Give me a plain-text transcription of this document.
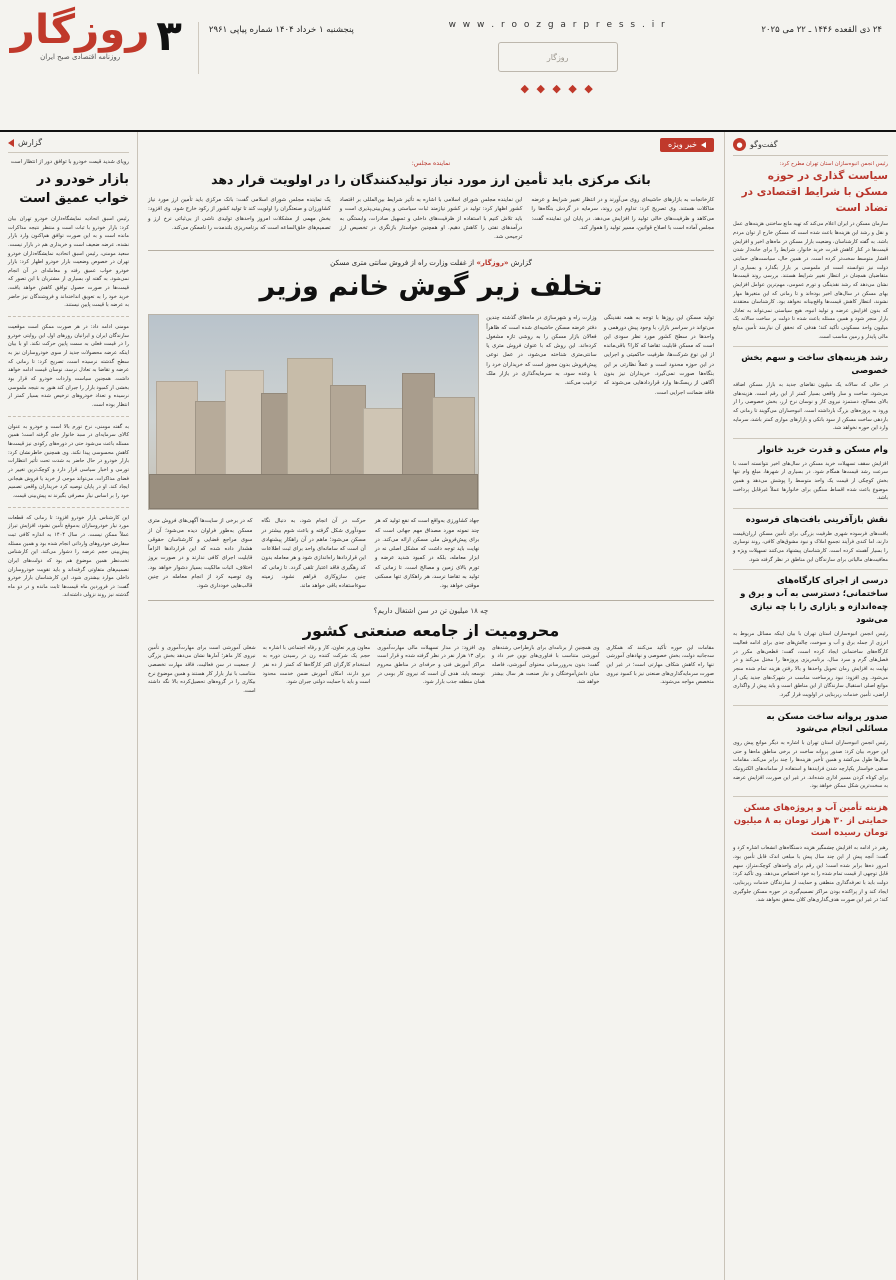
روزگار
روزنامه اقتصادی صبح ایران ۳	پنجشنبه ۱ خرداد ۱۴۰۴ شماره پیاپی ۲۹۶۱	w w w . r o o z g a r p r e s s . i r
روزگار
◆ ◆ ◆ ◆ ◆
۲۴ ذی القعده ۱۴۴۶ ـ ۲۲ می ۲۰۲۵
● گفت‌وگو
رئیس انجمن انبوه‌سازان استان تهران مطرح کرد:
سیاست گذاری در حوزه مسکن با شرایط اقتصادی در تضاد است
سازمان مسکن در ایران اعلام می‌کند که تهیه مانع ساختنی هزینه‌های عمل و نقل و رشد این هزینه‌ها باعث شده است که مسکن خارج از توان مردم باشد. به گفته کارشناسان، وضعیت بازار مسکن در ماه‌های اخیر و افزایش قیمت‌ها در کنار کاهش قدرت خرید خانوار، شرایط را برای خانه‌دار شدن اقشار متوسط سخت‌تر کرده است. در همین حال، سیاست‌های حمایتی دولت نیز نتوانسته است اثر ملموسی بر بازار بگذارد و بسیاری از متقاضیان همچنان در انتظار تغییر شرایط هستند. بررسی روند قیمت‌ها نشان می‌دهد که رشد نقدینگی و تورم عمومی، مهم‌ترین عوامل افزایش بهای مسکن در سال‌های اخیر بوده‌اند و تا زمانی که این متغیرها مهار نشوند، انتظار کاهش قیمت‌ها واقع‌بینانه نخواهد بود. کارشناسان معتقدند که بدون افزایش عرضه و تولید انبوه، هیچ سیاستی نمی‌تواند به تعادل بازار منجر شود و همین مسئله باعث شده تا دولت بر ساخت سالانه یک میلیون واحد مسکونی تأکید کند؛ هدفی که تحقق آن نیازمند تأمین منابع مالی پایدار و زمین مناسب است.
رشد هزینه‌های ساخت و سهم بخش خصوصی
در حالی که سالانه یک میلیون تقاضای جدید به بازار مسکن اضافه می‌شود، ساخت و ساز واقعی بسیار کمتر از این رقم است. هزینه‌های بالای مصالح، دستمزد نیروی کار و نوسان نرخ ارز، بخش خصوصی را از ورود به پروژه‌های بزرگ بازداشته است. انبوه‌سازان می‌گویند تا زمانی که بازدهی ساخت مسکن از سود بانکی و بازارهای موازی کمتر باشد، سرمایه وارد این حوزه نخواهد شد.
وام مسکن و قدرت خرید خانوار
افزایش سقف تسهیلات خرید مسکن در سال‌های اخیر نتوانسته است با سرعت رشد قیمت‌ها همگام شود. در بسیاری از شهرها، مبلغ وام تنها بخش کوچکی از قیمت یک واحد متوسط را پوشش می‌دهد و همین موضوع باعث شده اقساط سنگین برای خانوارها عملاً غیرقابل پرداخت باشد.
نقش بازآفرینی بافت‌های فرسوده
بافت‌های فرسوده شهری ظرفیت بزرگی برای تأمین مسکن ارزان‌قیمت دارند، اما کندی فرآیند تجمیع املاک و نبود مشوق‌های کافی، روند نوسازی را بسیار آهسته کرده است. کارشناسان پیشنهاد می‌کنند تسهیلات ویژه و معافیت‌های مالیاتی برای سازندگان این مناطق در نظر گرفته شود.
درسی از اجرای کارگاه‌های ساختمانی؛ دسترسی به آب و برق و چه‌ه‌اندازه و بازاری را با چه نیازی می‌شود
رئیس انجمن انبوه‌سازان استان تهران با بیان اینکه مسائل مربوط به انرژی از جمله برق و آب و سوخت، چالش‌های جدی برای ادامه فعالیت کارگاه‌های ساختمانی ایجاد کرده است، گفت: قطعی‌های مکرر در فصل‌های گرم و سرد سال، برنامه‌ریزی پروژه‌ها را مختل می‌کند و در نهایت به افزایش زمان تحویل واحدها و بالا رفتن هزینه تمام شده منجر می‌شود. وی افزود: نبود زیرساخت مناسب در شهرک‌های جدید یکی از موانع اصلی استقبال سازندگان از این مناطق است و باید پیش از واگذاری اراضی، تأمین خدمات زیربنایی در اولویت قرار گیرد.
صدور پروانه ساخت مسکن به مسائلی انجام می‌شود
رئیس انجمن انبوه‌سازان استان تهران با اشاره به دیگر موانع پیش روی این حوزه، بیان کرد: صدور پروانه ساخت در برخی مناطق ماه‌ها و حتی سال‌ها طول می‌کشد و همین تأخیر هزینه‌ها را چند برابر می‌کند. مقامات صنفی خواستار یکپارچه شدن فرایندها و استفاده از سامانه‌های الکترونیک برای کوتاه کردن مسیر اداری شده‌اند. در غیر این صورت، افزایش عرضه به سخت‌ترین شکل ممکن خواهد بود.
هزینه تأمین آب و پروژه‌های مسکن حمایتی از ۳۰ هزار تومان به ۸ میلیون تومان رسیده است
رهبر در ادامه به افزایش چشمگیر هزینه دستگاه‌های انشعاب اشاره کرد و گفت: آنچه پیش از این چند سال پیش با مبلغی اندک قابل تأمین بود، امروز ده‌ها برابر شده است؛ این رقم برای واحدهای کوچک‌متراژ، سهم قابل توجهی از قیمت تمام شده را به خود اختصاص می‌دهد. وی تأکید کرد: دولت باید با تعرفه‌گذاری منطقی و حمایت از سازندگان خدمات زیربنایی، ایجاد کند و از پراکنده بودن مراکز تصمیم‌گیری در حوزه مسکن جلوگیری کند؛ در غیر این صورت هدف‌گذاری‌های کلان محقق نخواهد شد.
خبر ویژه
نماینده مجلس:
بانک مرکزی باید تأمین ارز مورد نیاز تولیدکنندگان را در اولویت قرار دهد
یک نماینده مجلس شورای اسلامی گفت: بانک مرکزی باید تأمین ارز مورد نیاز کشاورزان و صنعتگران را اولویت کند تا تولید کشور از رکود خارج شود. وی افزود: بخش مهمی از مشکلات امروز واحدهای تولیدی ناشی از بی‌ثباتی نرخ ارز و تصمیم‌های خلق‌الساعه است که برنامه‌ریزی بلندمدت را ناممکن می‌کند.
این نماینده مجلس شورای اسلامی با اشاره به تأثیر شرایط بین‌المللی بر اقتصاد کشور اظهار کرد: تولید در کشور نیازمند ثبات سیاستی و پیش‌بینی‌پذیری است و باید تلاش کنیم با استفاده از ظرفیت‌های داخلی و تسهیل صادرات، وابستگی به درآمدهای نفتی را کاهش دهیم. او همچنین خواستار بازنگری در تخصیص ارز ترجیحی شد.
کارخانجات به بازارهای حاشیه‌ای روی می‌آورند و در انتظار تغییر شرایط و عرضه مناکلات هستند. وی تصریح کرد: تداوم این روند، سرمایه در گردش بنگاه‌ها را می‌کاهد و ظرفیت‌های خالی تولید را افزایش می‌دهد. در پایان این نماینده گفت: مجلس آماده است با اصلاح قوانین، مسیر تولید را هموار کند.
گزارش «روزگار» از غفلت وزارت راه از فروش سانتی متری مسکن
تخلف زیر گوش خانم وزیر
که در برخی از سایت‌ها آگهی‌های فروش متری مسکن به‌طور فراوان دیده می‌شود؛ آن از سوی مراجع قضایی و کارشناسان حقوقی هشدار داده شده که این قراردادها الزاماً قابلیت اجرای کافی ندارند و در صورت بروز اختلاف، اثبات مالکیت بسیار دشوار خواهد بود. وی توصیه کرد از انجام معامله در چنین قالب‌هایی خودداری شود.
حرکت در آن انجام شود، به دنبال نگاه سودآوری شکل گرفته و باعث شوم بیشتر در مسکن می‌شود؛ ماهم در آن راهکار پیشنهادی آن است که سامانه‌ای واحد برای ثبت اطلاعات این قراردادها راه‌اندازی شود و هر معامله بدون کد رهگیری فاقد اعتبار تلقی گردد. تا زمانی که چنین سازوکاری فراهم نشود، زمینه سوءاستفاده باقی خواهد ماند.
جهاد کشاورزی به‌واقع است که نفع تولید که هر چند نمونه مورد مصداق مهم جهانی است که برای پیش‌فروش ملی مسکن ارائه می‌کند. در نهایت باید توجه داشت که مشکل اصلی نه در ابزار معامله، بلکه در کمبود شدید عرضه و تورم بالای زمین و مصالح است. تا زمانی که تولید به تقاضا نرسد، هر راهکاری تنها مسکنی موقتی خواهد بود.
وزارت راه و شهرسازی در ماه‌های گذشته چندین دفتر عرضه مسکن حاشیه‌ای شده است که ظاهراً فعالان بازار مسکن را به روشی تازه مشغول کرده‌اند. این روش که با عنوان فروش متری یا سانتی‌متری شناخته می‌شود، در عمل نوعی پیش‌فروش بدون مجوز است که خریداران خرد را با وعده سود، به سرمایه‌گذاری در بازار ملک ترغیب می‌کند.
تولید مسکن این روزها با توجه به همه نقدینگی می‌تواند در سراسر بازار، با وجود پیش دورهمی و واحدها در سطح کشور مورد نظر سودی این است که مسکن قابلیت تقاضا که کارا؟ باقی‌مانده از این نوع شرکت‌ها، ظرفیت حاکمیتی و اجرایی در این حوزه محدود است و عملاً نظارتی بر این بنگاه‌ها صورت نمی‌گیرد. خریداران نیز بدون آگاهی از ریسک‌ها وارد قراردادهایی می‌شوند که فاقد ضمانت اجرایی است.
چه ۱۸ میلیون تن در سن اشتغال داریم؟
محرومیت از جامعه صنعتی کشور
شغلی آموزشی است برای مهارت‌آموزی و تأمین نیروی کار ماهر؛ آمارها نشان می‌دهد بخش بزرگی از جمعیت در سن فعالیت، فاقد مهارت تخصصی متناسب با نیاز بازار کار هستند و همین موضوع نرخ بیکاری را در گروه‌های تحصیل‌کرده بالا نگه داشته است.
معاون وزیر تعاون، کار و رفاه اجتماعی با اشاره به حجم یک شرکت کننده زن در رسیدن دوره به استخدام کارگران اکثر کارگاه‌ها که کمتر از ده نفر نیرو دارند، امکان آموزش ضمن خدمت محدود است و باید با حمایت دولتی جبران شود.
وی افزود: در مدار تسهیلات مالی مهارت‌آموزی برای ۱۳ هزار نفر در نظر گرفته شده و قرار است مراکز آموزش فنی و حرفه‌ای در مناطق محروم توسعه یابد. هدف آن است که نیروی کار بومی در همان منطقه جذب بازار شود.
وی همچنین از برنامه‌ای برای بازطراحی رشته‌های آموزشی متناسب با فناوری‌های نوین خبر داد و گفت: بدون به‌روزرسانی محتوای آموزشی، فاصله میان دانش‌آموختگان و نیاز صنعت هر سال بیشتر خواهد شد.
مقامات این حوزه تأکید می‌کنند که همکاری سه‌جانبه دولت، بخش خصوصی و نهادهای آموزشی تنها راه کاهش شکاف مهارتی است؛ در غیر این صورت سرمایه‌گذاری‌های صنعتی نیز با کمبود نیروی متخصص مواجه می‌شوند.
گزارش
رویای شدید قیمت خودرو با توافق دور از انتظار است
بازار خودرو در خواب عمیق است
رئیس اسبق اتحادیه نمایشگاه‌داران خودرو تهران بیان کرد: بازار خودرو با ثبات است و منتظر نتیجه مذاکرات مانده است و به این صورت توافق هم‌اکنون وارد بازار نشده، عرضه ضعیف است و خریداری هم در بازار نیست. سعید مومنی، رئیس اسبق اتحادیه نمایشگاه‌داران خودرو تهران در خصوص وضعیت بازار خودرو اظهار کرد: بازار خودرو خواب عمیق رفته و معامله‌ای در آن انجام نمی‌شود. به گفته او، بسیاری از مشتریان با این تصور که قیمت‌ها در صورت حصول توافق کاهش خواهد یافت، خرید خود را به تعویق انداخته‌اند و فروشندگان نیز حاضر به عرضه با قیمت پایین نیستند.
مومنی ادامه داد: در هر صورت ممکن است موقعیت سازندگان ایران و ایرانیان روزهای اول این روایتی خودرو را در قیمت فعلی به سمت پایین حرکت نکند. او با بیان اینکه عرضه محصولات جدید از سوی خودروسازان نیز به سطح گذشته نرسیده است، تصریح کرد: تا زمانی که عرضه و تقاضا به تعادل نرسد، نوسان قیمت ادامه خواهد داشت. همچنین سیاست واردات خودرو که قرار بود بخشی از کمبود بازار را جبران کند هنوز به نتیجه ملموسی نرسیده و تعداد خودروهای ترخیص شده بسیار کمتر از انتظار بوده است.
به گفته مومنی، نرخ تورم بالا است و خودرو به عنوان کالای سرمایه‌ای در سبد خانوار جای گرفته است؛ همین مسئله باعث می‌شود حتی در دوره‌های رکودی نیز قیمت‌ها کاهش محسوسی پیدا نکند. وی همچنین خاطرنشان کرد: بازار خودرو در حال حاضر به شدت تحت تأثیر انتظارات تورمی و اخبار سیاسی قرار دارد و کوچک‌ترین تغییر در فضای مذاکرات، می‌تواند موجی از خرید یا فروش هیجانی ایجاد کند. او در پایان توصیه کرد خریداران واقعی تصمیم خود را بر اساس نیاز مصرفی بگیرند نه پیش‌بینی قیمت.
این کارشناس بازار خودرو افزود: تا زمانی که قطعات مورد نیاز خودروسازان به‌موقع تأمین نشود، افزایش تیراژ عملاً ممکن نیست. در سال ۱۴۰۴ به اندازه کافی ثبت سفارش خودروهای وارداتی انجام شده بود و همین مسئله پیش‌بینی حجم عرضه را دشوار می‌کند. این کارشناس تخت‌نظر همین موضوع هم بود که دولت‌های ایران تصمیم‌های متفاوتی گرفته‌اند و باید تقویت خودروسازان داخلی موارد بیشتری شود. این کارشناسان بازار خودرو گفت: در فروردین ماه قیمت‌ها ثابت مانده و در دو ماه گذشته نیز روند نزولی داشته‌اند.
